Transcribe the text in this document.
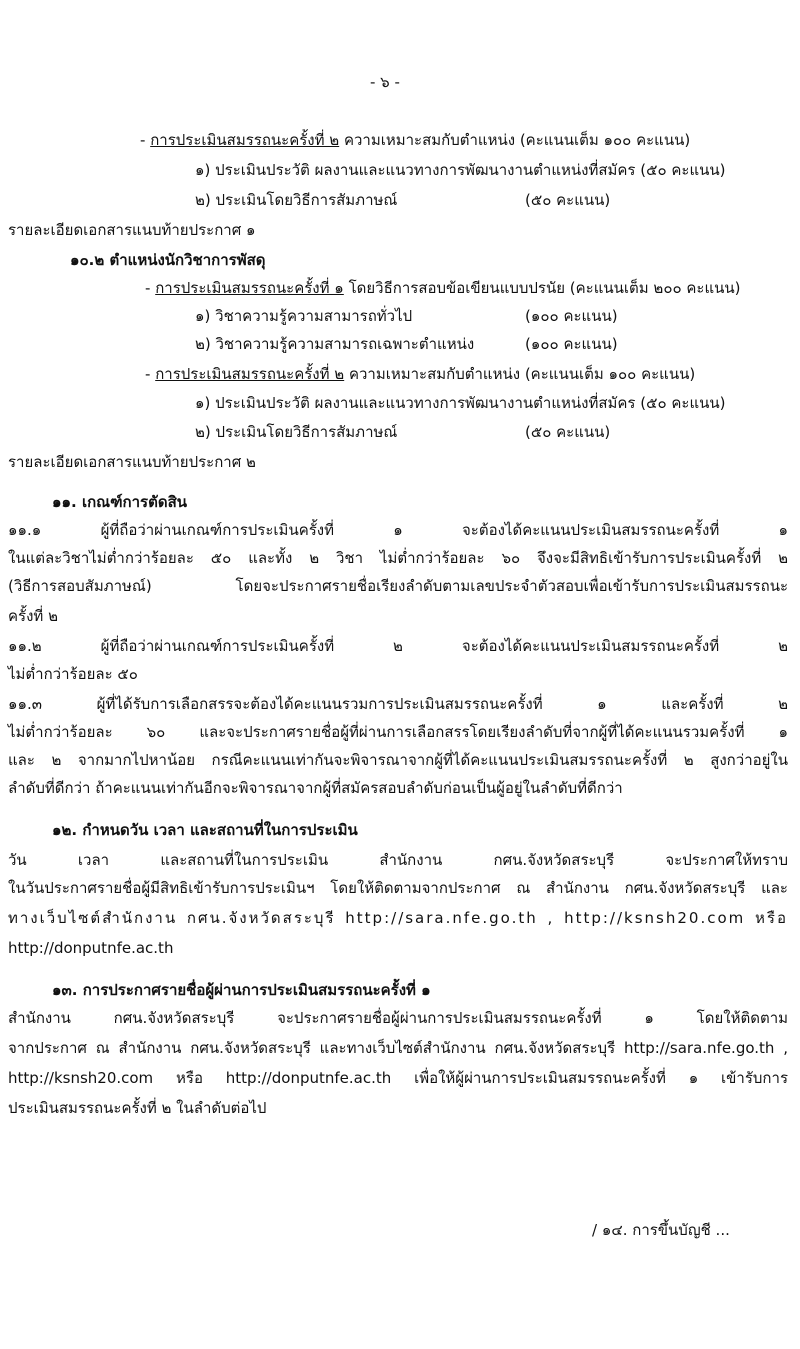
- ๖ -
- การประเมินสมรรถนะครั้งที่ ๒ ความเหมาะสมกับตำแหน่ง (คะแนนเต็ม ๑๐๐ คะแนน)
๑) ประเมินประวัติ ผลงานและแนวทางการพัฒนางานตำแหน่งที่สมัคร (๕๐ คะแนน)
๒) ประเมินโดยวิธีการสัมภาษณ์	(๕๐ คะแนน)
รายละเอียดเอกสารแนบท้ายประกาศ ๑
๑๐.๒ ตำแหน่งนักวิชาการพัสดุ
- การประเมินสมรรถนะครั้งที่ ๑ โดยวิธีการสอบข้อเขียนแบบปรนัย (คะแนนเต็ม ๒๐๐ คะแนน)
๑) วิชาความรู้ความสามารถทั่วไป	(๑๐๐ คะแนน)
๒) วิชาความรู้ความสามารถเฉพาะตำแหน่ง	(๑๐๐ คะแนน)
- การประเมินสมรรถนะครั้งที่ ๒ ความเหมาะสมกับตำแหน่ง (คะแนนเต็ม ๑๐๐ คะแนน)
๑) ประเมินประวัติ ผลงานและแนวทางการพัฒนางานตำแหน่งที่สมัคร (๕๐ คะแนน)
๒) ประเมินโดยวิธีการสัมภาษณ์	(๕๐ คะแนน)
รายละเอียดเอกสารแนบท้ายประกาศ ๒
๑๑. เกณฑ์การตัดสิน
๑๑.๑ ผู้ที่ถือว่าผ่านเกณฑ์การประเมินครั้งที่ ๑ จะต้องได้คะแนนประเมินสมรรถนะครั้งที่ ๑
ในแต่ละวิชาไม่ต่ำกว่าร้อยละ ๕๐ และทั้ง ๒ วิชา ไม่ต่ำกว่าร้อยละ ๖๐ จึงจะมีสิทธิเข้ารับการประเมินครั้งที่ ๒
(วิธีการสอบสัมภาษณ์) โดยจะประกาศรายชื่อเรียงลำดับตามเลขประจำตัวสอบเพื่อเข้ารับการประเมินสมรรถนะ
ครั้งที่ ๒
๑๑.๒ ผู้ที่ถือว่าผ่านเกณฑ์การประเมินครั้งที่ ๒ จะต้องได้คะแนนประเมินสมรรถนะครั้งที่ ๒
ไม่ต่ำกว่าร้อยละ ๕๐
๑๑.๓ ผู้ที่ได้รับการเลือกสรรจะต้องได้คะแนนรวมการประเมินสมรรถนะครั้งที่ ๑ และครั้งที่ ๒
ไม่ต่ำกว่าร้อยละ ๖๐ และจะประกาศรายชื่อผู้ที่ผ่านการเลือกสรรโดยเรียงลำดับที่จากผู้ที่ได้คะแนนรวมครั้งที่ ๑
และ ๒ จากมากไปหาน้อย กรณีคะแนนเท่ากันจะพิจารณาจากผู้ที่ได้คะแนนประเมินสมรรถนะครั้งที่ ๒ สูงกว่าอยู่ใน
ลำดับที่ดีกว่า ถ้าคะแนนเท่ากันอีกจะพิจารณาจากผู้ที่สมัครสอบลำดับก่อนเป็นผู้อยู่ในลำดับที่ดีกว่า
๑๒. กำหนดวัน เวลา และสถานที่ในการประเมิน
วัน เวลา และสถานที่ในการประเมิน สำนักงาน กศน.จังหวัดสระบุรี จะประกาศให้ทราบ
ในวันประกาศรายชื่อผู้มีสิทธิเข้ารับการประเมินฯ โดยให้ติดตามจากประกาศ ณ สำนักงาน กศน.จังหวัดสระบุรี และ
ทางเว็บไซต์สำนักงาน กศน.จังหวัดสระบุรี http://sara.nfe.go.th , http://ksnsh20.com หรือ
http://donputnfe.ac.th
๑๓. การประกาศรายชื่อผู้ผ่านการประเมินสมรรถนะครั้งที่ ๑
สำนักงาน กศน.จังหวัดสระบุรี จะประกาศรายชื่อผู้ผ่านการประเมินสมรรถนะครั้งที่ ๑ โดยให้ติดตาม
จากประกาศ ณ สำนักงาน กศน.จังหวัดสระบุรี และทางเว็บไซต์สำนักงาน กศน.จังหวัดสระบุรี http://sara.nfe.go.th ,
http://ksnsh20.com หรือ http://donputnfe.ac.th เพื่อให้ผู้ผ่านการประเมินสมรรถนะครั้งที่ ๑ เข้ารับการ
ประเมินสมรรถนะครั้งที่ ๒ ในลำดับต่อไป
/ ๑๔. การขึ้นบัญชี ...
